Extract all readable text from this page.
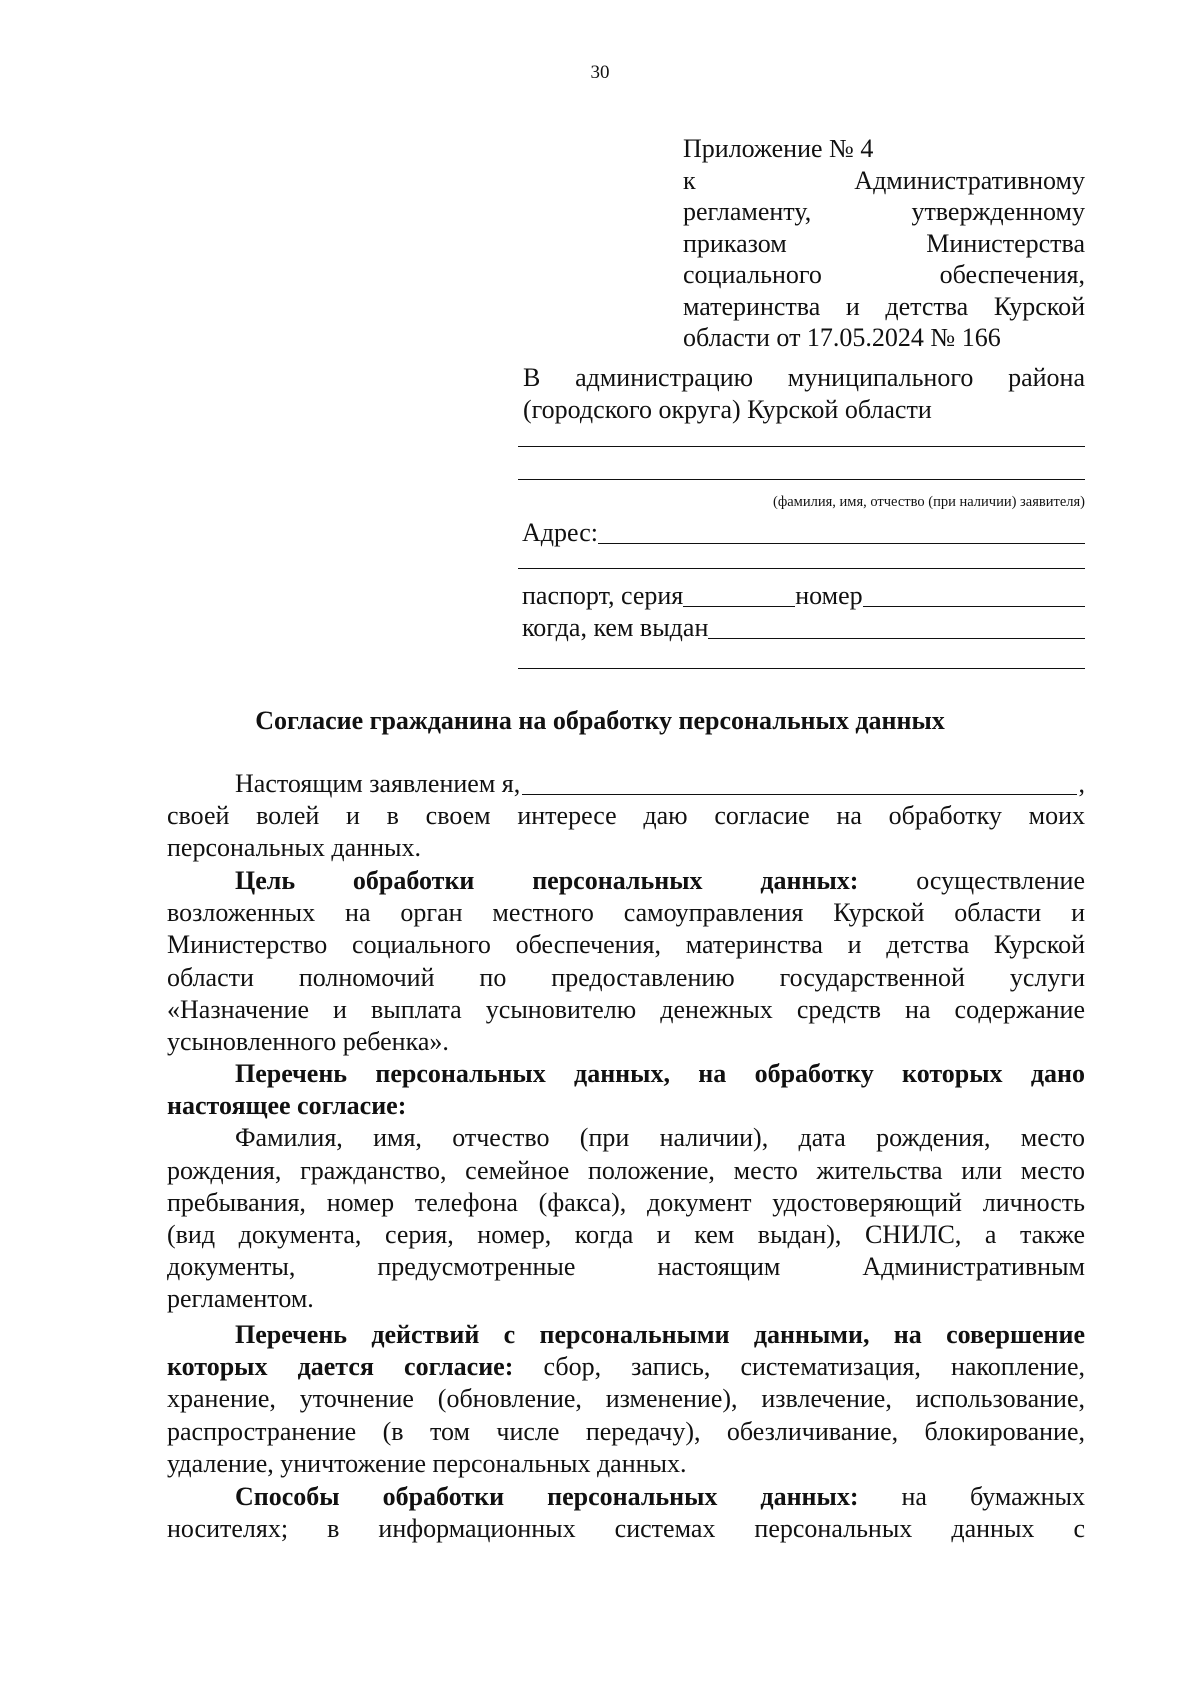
30
Приложение № 4
к Административному
регламенту, утвержденному
приказом Министерства
социального обеспечения,
материнства и детства Курской
области от 17.05.2024 № 166
В администрацию муниципального района
(городского округа) Курской области
(фамилия, имя, отчество (при наличии) заявителя)
Адрес:
паспорт, серия	номер
когда, кем выдан
Согласие гражданина на обработку персональных данных
Настоящим заявлением я,	,
своей волей и в своем интересе даю согласие на обработку моих
персональных данных.
Цель обработки персональных данных: осуществление
возложенных на орган местного самоуправления Курской области и
Министерство социального обеспечения, материнства и детства Курской
области полномочий по предоставлению государственной услуги
«Назначение и выплата усыновителю денежных средств на содержание
усыновленного ребенка».
Перечень персональных данных, на обработку которых дано
настоящее согласие:
Фамилия, имя, отчество (при наличии), дата рождения, место
рождения, гражданство, семейное положение, место жительства или место
пребывания, номер телефона (факса), документ удостоверяющий личность
(вид документа, серия, номер, когда и кем выдан), СНИЛС, а также
документы, предусмотренные настоящим Административным
регламентом.
Перечень действий с персональными данными, на совершение
которых дается согласие: сбор, запись, систематизация, накопление,
хранение, уточнение (обновление, изменение), извлечение, использование,
распространение (в том числе передачу), обезличивание, блокирование,
удаление, уничтожение персональных данных.
Способы обработки персональных данных: на бумажных
носителях; в информационных системах персональных данных с
